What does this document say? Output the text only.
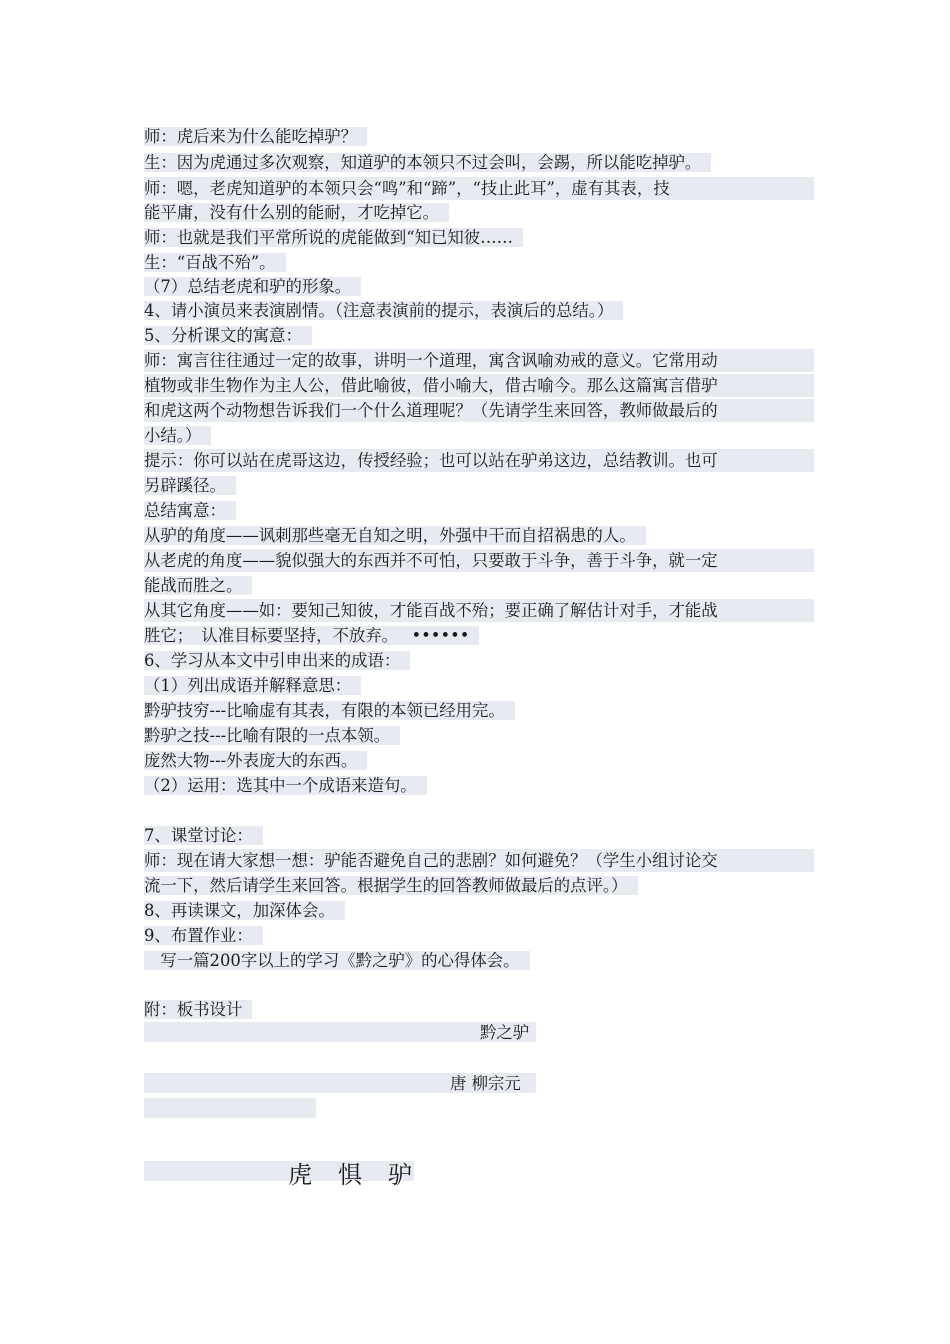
师：虎后来为什么能吃掉驴？
生：因为虎通过多次观察，知道驴的本领只不过会叫，会踢，所以能吃掉驴。
师：嗯，老虎知道驴的本领只会“鸣”和“蹄”，“技止此耳”，虚有其表，技
能平庸，没有什么别的能耐，才吃掉它。
师：也就是我们平常所说的虎能做到“知已知彼……
生：“百战不殆”。
（7）总结老虎和驴的形象。
4、请小演员来表演剧情。（注意表演前的提示，表演后的总结。）
5、分析课文的寓意：
师：寓言往往通过一定的故事，讲明一个道理，寓含讽喻劝戒的意义。它常用动
植物或非生物作为主人公，借此喻彼，借小喻大，借古喻今。那么这篇寓言借驴
和虎这两个动物想告诉我们一个什么道理呢？（先请学生来回答，教师做最后的
小结。）
提示：你可以站在虎哥这边，传授经验；也可以站在驴弟这边，总结教训。也可
另辟蹊径。
总结寓意：
从驴的角度——讽刺那些毫无自知之明，外强中干而自招祸患的人。
从老虎的角度——貌似强大的东西并不可怕，只要敢于斗争，善于斗争，就一定
能战而胜之。
从其它角度——如：要知己知彼，才能百战不殆；要正确了解估计对手，才能战
胜它；　认准目标要坚持，不放弃。　 ••••••
6、学习从本文中引申出来的成语：
（1）列出成语并解释意思：
黔驴技穷---比喻虚有其表，有限的本领已经用完。
黔驴之技---比喻有限的一点本领。
庞然大物---外表庞大的东西。
（2）运用：选其中一个成语来造句。
7、课堂讨论：
师：现在请大家想一想：驴能否避免自己的悲剧？如何避免？（学生小组讨论交
流一下，然后请学生来回答。根据学生的回答教师做最后的点评。）
8、再读课文，加深体会。
9、布置作业：
　写一篇200字以上的学习《黔之驴》的心得体会。
附：板书设计
黔之驴
唐 柳宗元
虎　惧　驴
